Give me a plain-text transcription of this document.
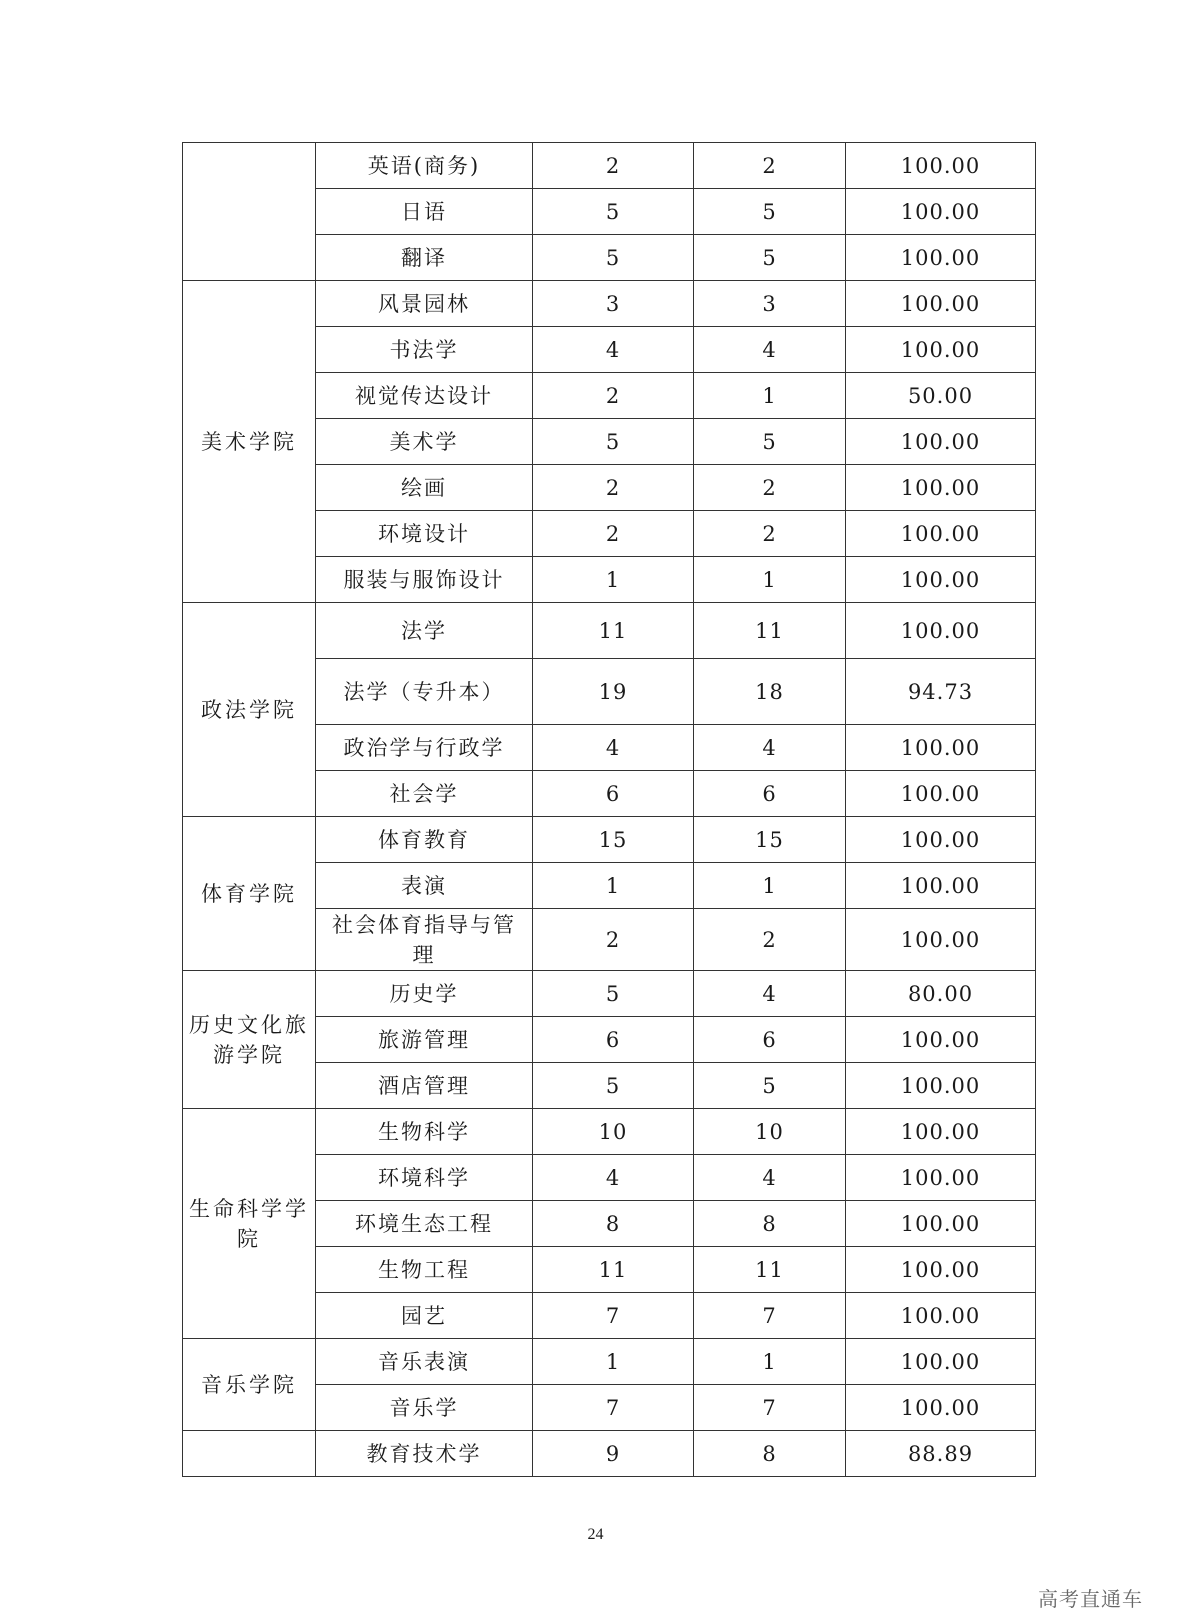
	英语(商务)	2	2	100.00
	日语	5	5	100.00
	翻译	5	5	100.00
美术学院	风景园林	3	3	100.00
	书法学	4	4	100.00
	视觉传达设计	2	1	50.00
	美术学	5	5	100.00
	绘画	2	2	100.00
	环境设计	2	2	100.00
	服装与服饰设计	1	1	100.00
政法学院	法学	11	11	100.00
	法学（专升本）	19	18	94.73
	政治学与行政学	4	4	100.00
	社会学	6	6	100.00
体育学院	体育教育	15	15	100.00
	表演	1	1	100.00
	社会体育指导与管理	2	2	100.00
历史文化旅游学院	历史学	5	4	80.00
	旅游管理	6	6	100.00
	酒店管理	5	5	100.00
生命科学学院	生物科学	10	10	100.00
	环境科学	4	4	100.00
	环境生态工程	8	8	100.00
	生物工程	11	11	100.00
	园艺	7	7	100.00
音乐学院	音乐表演	1	1	100.00
	音乐学	7	7	100.00
	教育技术学	9	8	88.89
24
高考直通车
